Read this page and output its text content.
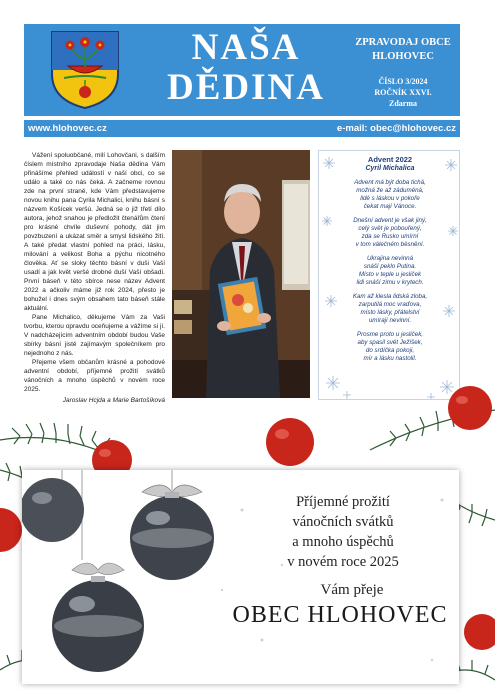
NAŠA
DĚDINA
ZPRAVODAJ OBCE
HLOHOVEC
ČÍSLO 3/2024
ROČNÍK XXVI.
Zdarma
www.hlohovec.cz	e-mail: obec@hlohovec.cz

Vážení spoluobčané, milí Lohovčani, s dalším číslem místního zpravodaje Naša dědina Vám přinášíme přehled událostí v naší obci, co se událo a také co nás čeká. A začneme rovnou zde na první straně, kde Vám představujeme novou knihu pana Cyrila Michalici, knihu básní s názvem Košícek veršú. Jedná se o již třetí dílo autora, jehož snahou je předložit čtenářům čtení pro krásné chvíle duševní pohody, dát jim povzbuzení a ukázat směr a smysl lidského žití. A také předat vlastní pohled na práci, lásku, milování a velikost Boha a pýchu nicotného člověka. Ať se sloky těchto básní v duši Vaší usadí a jak květ veršé drobné duší Vaší obšadí. První báseň v této sbírce nese název Advent 2022 a ačkoliv máme již rok 2024, přesto je bohužel i dnes svým obsahem tato báseň stále aktuální.

Pane Michalico, děkujeme Vám za Vaši tvorbu, kterou opravdu oceňujeme a vážíme si jí. V nadcházejícím adventním období budou Vaše sbírky básní jistě zajímavým společníkem pro nejednoho z nás.

Přejeme všem občanům krásné a pohodové adventní období, příjemné prožití svátků vánočních a mnoho úspěchů v novém roce 2025.

Jaroslav Hcjda a Marie Bartošíková
Advent 2022
Cyril Michalica
Advent má být doba tichá,
možná že až záduměná,
lidé s láskou v pokoře
čekat mají Vánoce.
Dnešní advent je však jiný,
celý svět je pobouřený,
zda se Rusko umírní
v tom válečném běsnění.
Ukrajina nevinná
snáší peklo Putina.
Místo v teple u jesliček
lidi snáší zimu v krytech.
Kam až klesla lidská zloba,
zarputilá moc vraďova,
místo lásky, přátelství
umírají nevinní.
Prosme proto u jesliček,
aby spasil svět Ježíšek,
do srdíčka pokoji,
mír a lásku nastolil.
Příjemné prožití
vánočních svátků
a mnoho úspěchů
v novém roce 2025
Vám přeje
OBEC HLOHOVEC
